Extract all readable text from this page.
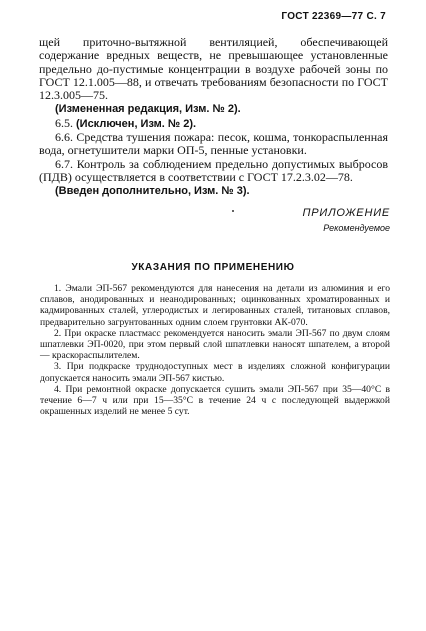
ГОСТ 22369—77 С. 7

щей приточно-вытяжной вентиляцией, обеспечивающей содержание вредных веществ, не превышающее установленные предельно до-пустимые концентрации в воздухе рабочей зоны по ГОСТ 12.1.005—88, и отвечать требованиям безопасности по ГОСТ 12.3.005—75.

(Измененная редакция, Изм. № 2).

6.5. (Исключен, Изм. № 2).

6.6. Средства тушения пожара: песок, кошма, тонкораспыленная вода, огнетушители марки ОП-5, пенные установки.

6.7. Контроль за соблюдением предельно допустимых выбросов (ПДВ) осуществляется в соответствии с ГОСТ 17.2.3.02—78.

(Введен дополнительно, Изм. № 3).

ПРИЛОЖЕНИЕ
Рекомендуемое
УКАЗАНИЯ ПО ПРИМЕНЕНИЮ

1. Эмали ЭП-567 рекомендуются для нанесения на детали из алюминия и его сплавов, анодированных и неанодированных; оцинкованных хроматированных и кадмированных сталей, углеродистых и легированных сталей, титановых сплавов, предварительно загрунтованных одним слоем грунтовки АК-070.

2. При окраске пластмасс рекомендуется наносить эмали ЭП-567 по двум слоям шпатлевки ЭП-0020, при этом первый слой шпатлевки наносят шпателем, а второй — краскораспылителем.

3. При подкраске труднодоступных мест в изделиях сложной конфигурации допускается наносить эмали ЭП-567 кистью.

4. При ремонтной окраске допускается сушить эмали ЭП-567 при 35—40°С в течение 6—7 ч или при 15—35°С в течение 24 ч с последующей выдержкой окрашенных изделий не менее 5 сут.
